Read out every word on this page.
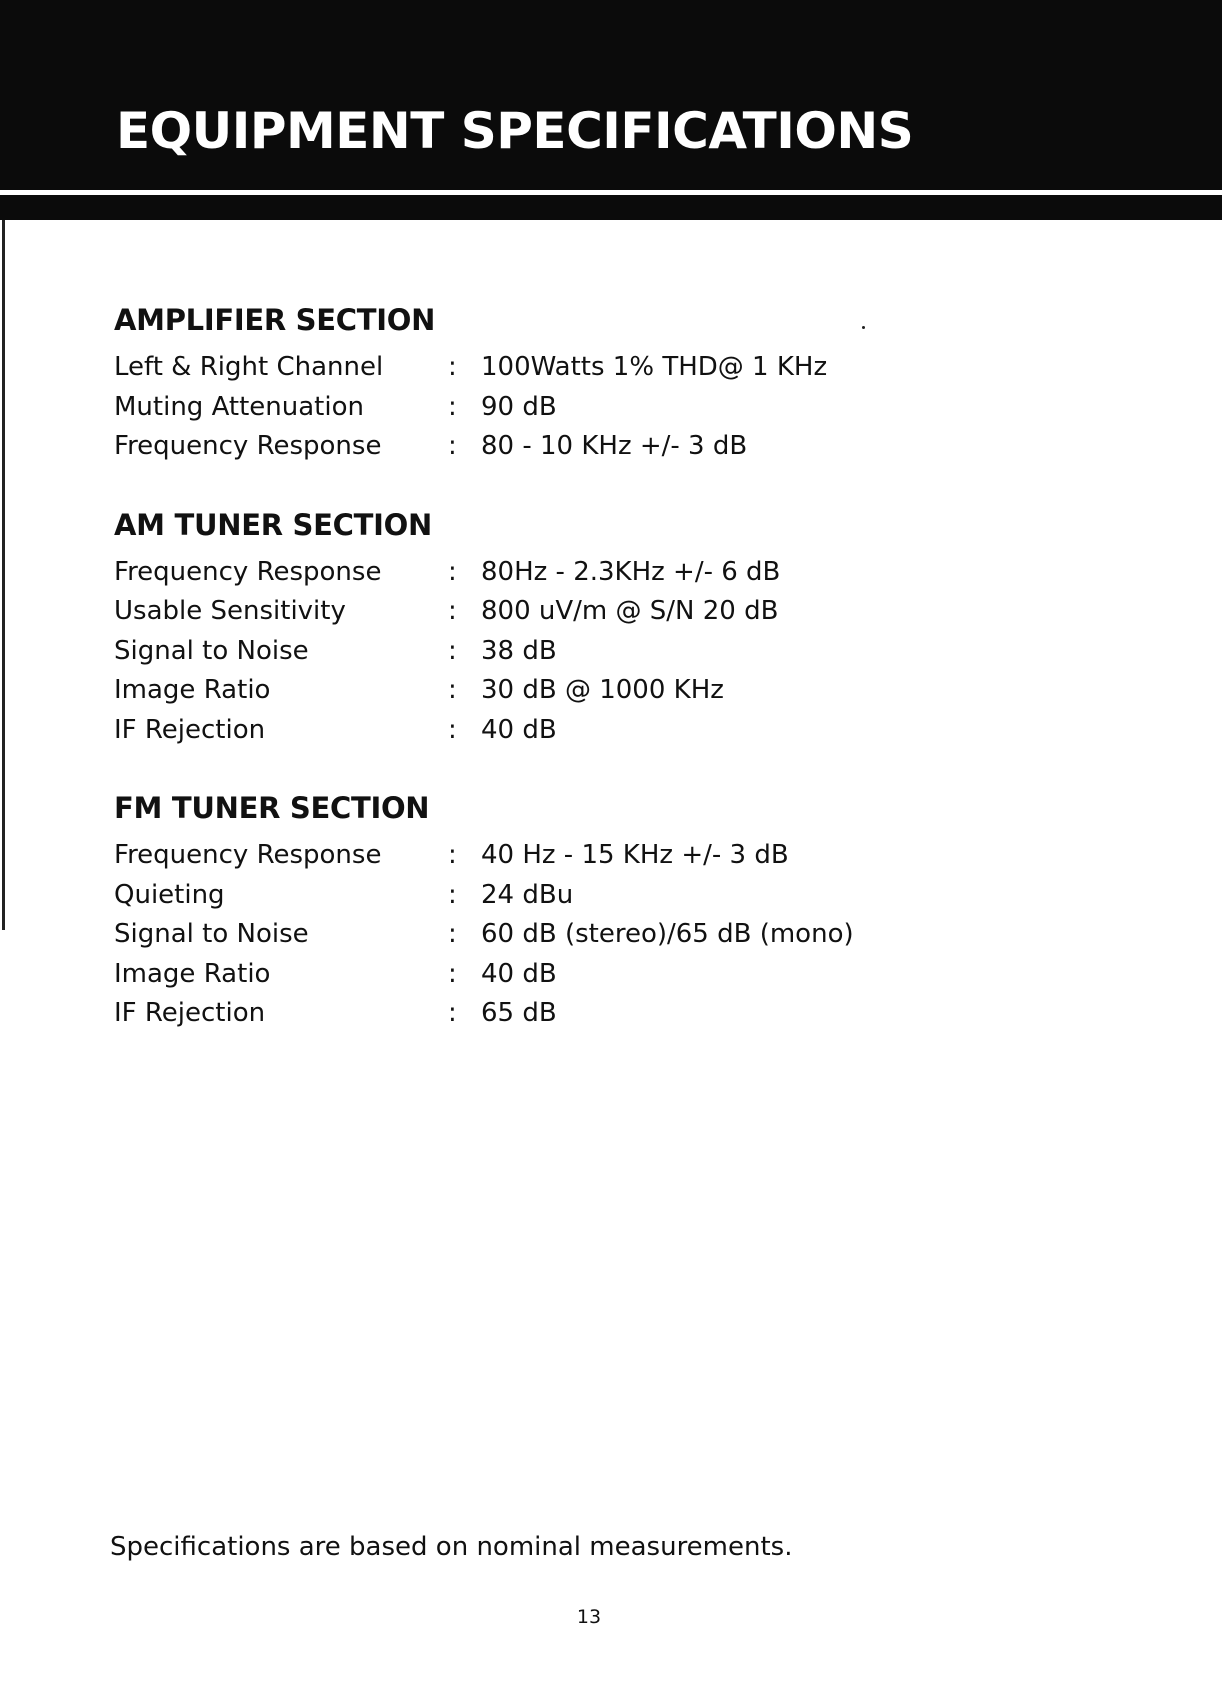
EQUIPMENT SPECIFICATIONS
AMPLIFIER SECTION
Left & Right Channel	: 100Watts 1% THD@ 1 KHz
Muting Attenuation	: 90 dB
Frequency Response	: 80 - 10 KHz +/- 3 dB
AM TUNER SECTION
Frequency Response	: 80Hz - 2.3KHz +/- 6 dB
Usable Sensitivity	: 800 uV/m @ S/N 20 dB
Signal to Noise	: 38 dB
Image Ratio	: 30 dB @ 1000 KHz
IF Rejection	: 40 dB
FM TUNER SECTION
Frequency Response	: 40 Hz - 15 KHz +/- 3 dB
Quieting	: 24 dBu
Signal to Noise	: 60 dB (stereo)/65 dB (mono)
Image Ratio	: 40 dB
IF Rejection	: 65 dB
Specifications are based on nominal measurements.
13
